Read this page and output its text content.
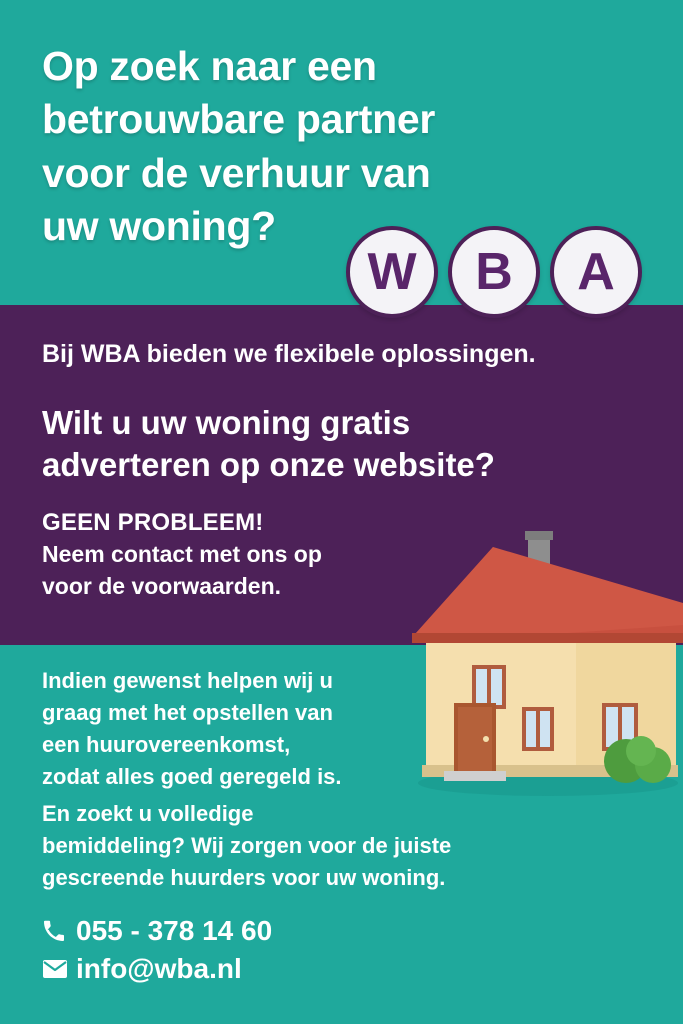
Op zoek naar een
betrouwbare partner
voor de verhuur van
uw woning?
W	B	A
Bij WBA bieden we flexibele oplossingen.
Wilt u uw woning gratis
adverteren op onze website?
GEEN PROBLEEM!
Neem contact met ons op
voor de voorwaarden.
Indien gewenst helpen wij u
graag met het opstellen van
een huurovereenkomst,
zodat alles goed geregeld is.
En zoekt u volledige
bemiddeling? Wij zorgen voor de juiste
gescreende huurders voor uw woning.
055 - 378 14 60
info@wba.nl
